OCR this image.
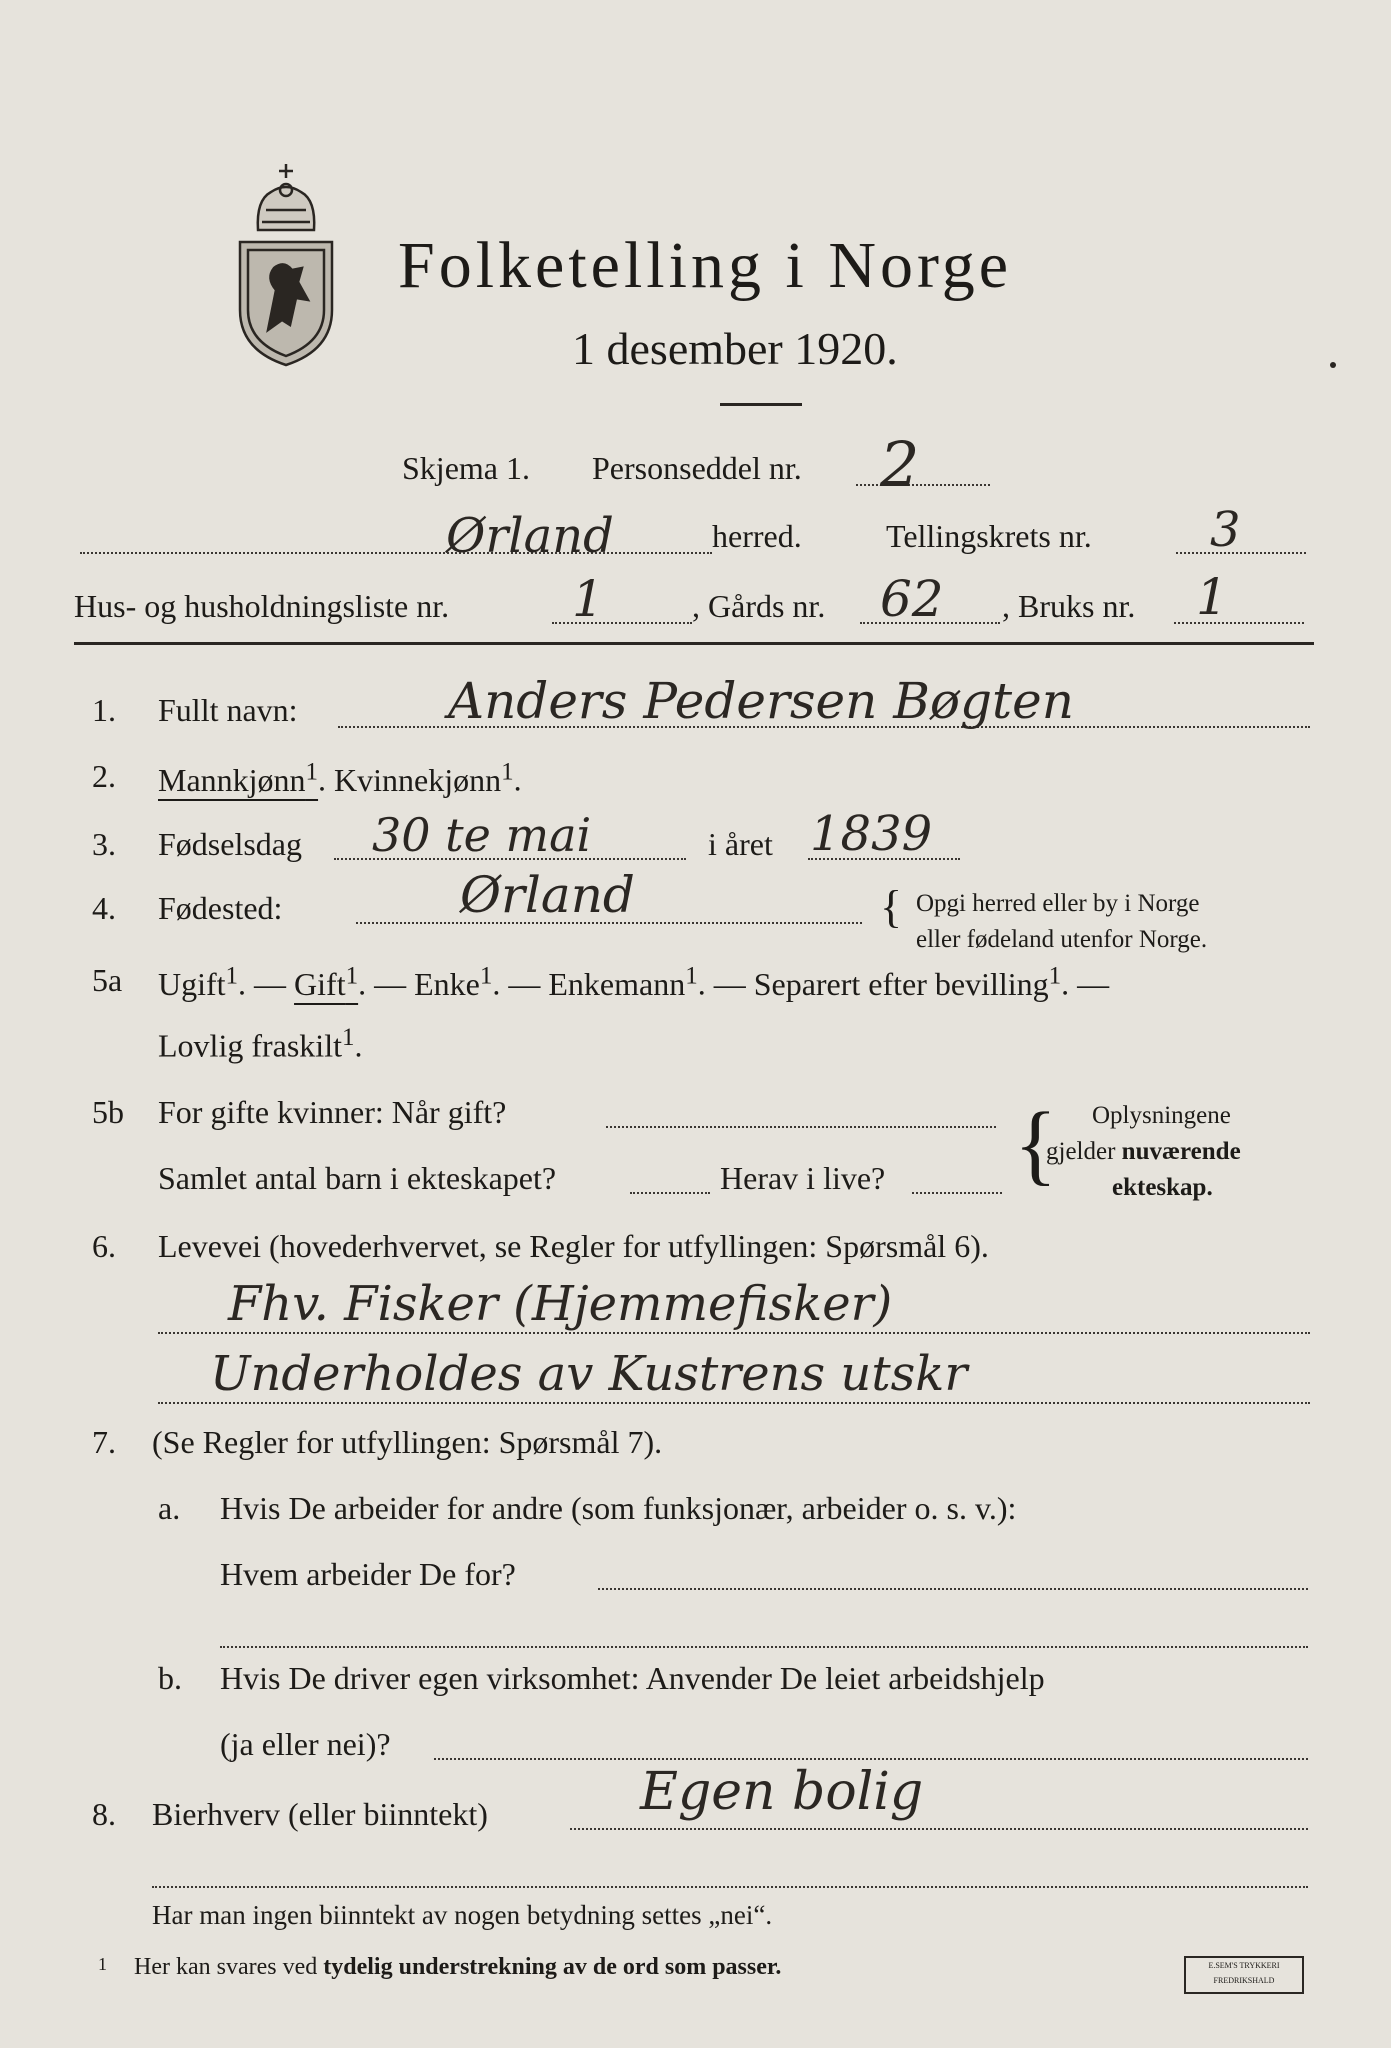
Folketelling i Norge
1 desember 1920.
Skjema 1. Personseddel nr. 2
Ørland	herred.	Tellingskrets nr. 3
Hus- og husholdningsliste nr. 1	, Gårds nr. 62 , Bruks nr. 1
1. Fullt navn:	Anders Pedersen Bøgten
2. Mannkjønn$^1$. Kvinnekjønn$^1$.
3. Fødselsdag 30 te mai	i året 1839
4. Fødested:	Ørland	{ Opgi herred eller by i Norge
eller fødeland utenfor Norge.
5a Ugift$^1$. — Gift$^1$. — Enke$^1$. — Enkemann$^1$. — Separert efter bevilling$^1$. —
Lovlig fraskilt$^1$.
5b For gifte kvinner: Når gift?
Samlet antal barn i ekteskapet?	Herav i live? { Oplysningene
gjelder nuværende
ekteskap.
6. Levevei (hovederhvervet, se Regler for utfyllingen: Spørsmål 6).
Fhv. Fisker (Hjemmefisker)
Underholdes av Kustrens utskr
7. (Se Regler for utfyllingen: Spørsmål 7).
a. Hvis De arbeider for andre (som funksjonær, arbeider o. s. v.):
Hvem arbeider De for?
b. Hvis De driver egen virksomhet: Anvender De leiet arbeidshjelp
(ja eller nei)?
8. Bierhverv (eller biinntekt)	Egen bolig
Har man ingen biinntekt av nogen betydning settes „nei“.
1 Her kan svares ved tydelig understrekning av de ord som passer.	E.SEM'S TRYKKERI
FREDRIKSHALD
